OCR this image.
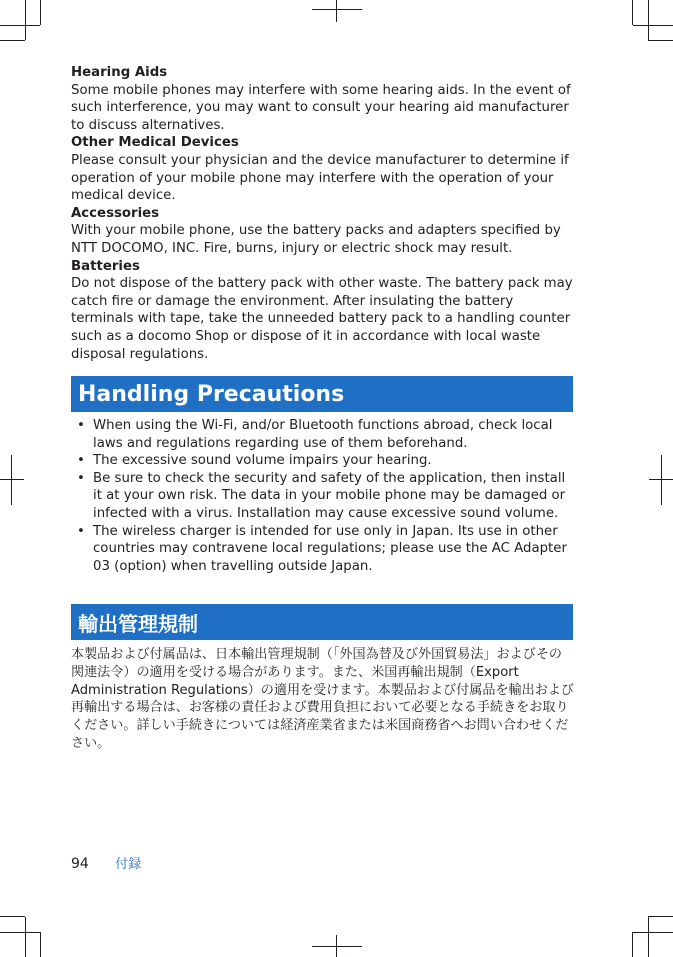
Hearing Aids

Some mobile phones may interfere with some hearing aids. In the event of such interference, you may want to consult your hearing aid manufacturer to discuss alternatives.

Other Medical Devices

Please consult your physician and the device manufacturer to determine if operation of your mobile phone may interfere with the operation of your medical device.

Accessories

With your mobile phone, use the battery packs and adapters specified by NTT DOCOMO, INC. Fire, burns, injury or electric shock may result.

Batteries

Do not dispose of the battery pack with other waste. The battery pack may catch fire or damage the environment. After insulating the battery terminals with tape, take the unneeded battery pack to a handling counter such as a docomo Shop or dispose of it in accordance with local waste disposal regulations.

Handling Precautions
• When using the Wi-Fi, and/or Bluetooth functions abroad, check local laws and regulations regarding use of them beforehand.
• The excessive sound volume impairs your hearing.
• Be sure to check the security and safety of the application, then install it at your own risk. The data in your mobile phone may be damaged or infected with a virus. Installation may cause excessive sound volume.
• The wireless charger is intended for use only in Japan. Its use in other countries may contravene local regulations; please use the AC Adapter 03 (option) when travelling outside Japan.
輸出管理規制

本製品および付属品は、日本輸出管理規制（「外国為替及び外国貿易法」およびその関連法令）の適用を受ける場合があります。また、米国再輸出規制（Export Administration Regulations）の適用を受けます。本製品および付属品を輸出および再輸出する場合は、お客様の責任および費用負担において必要となる手続きをお取りください。詳しい手続きについては経済産業省または米国商務省へお問い合わせください。

94 付録
